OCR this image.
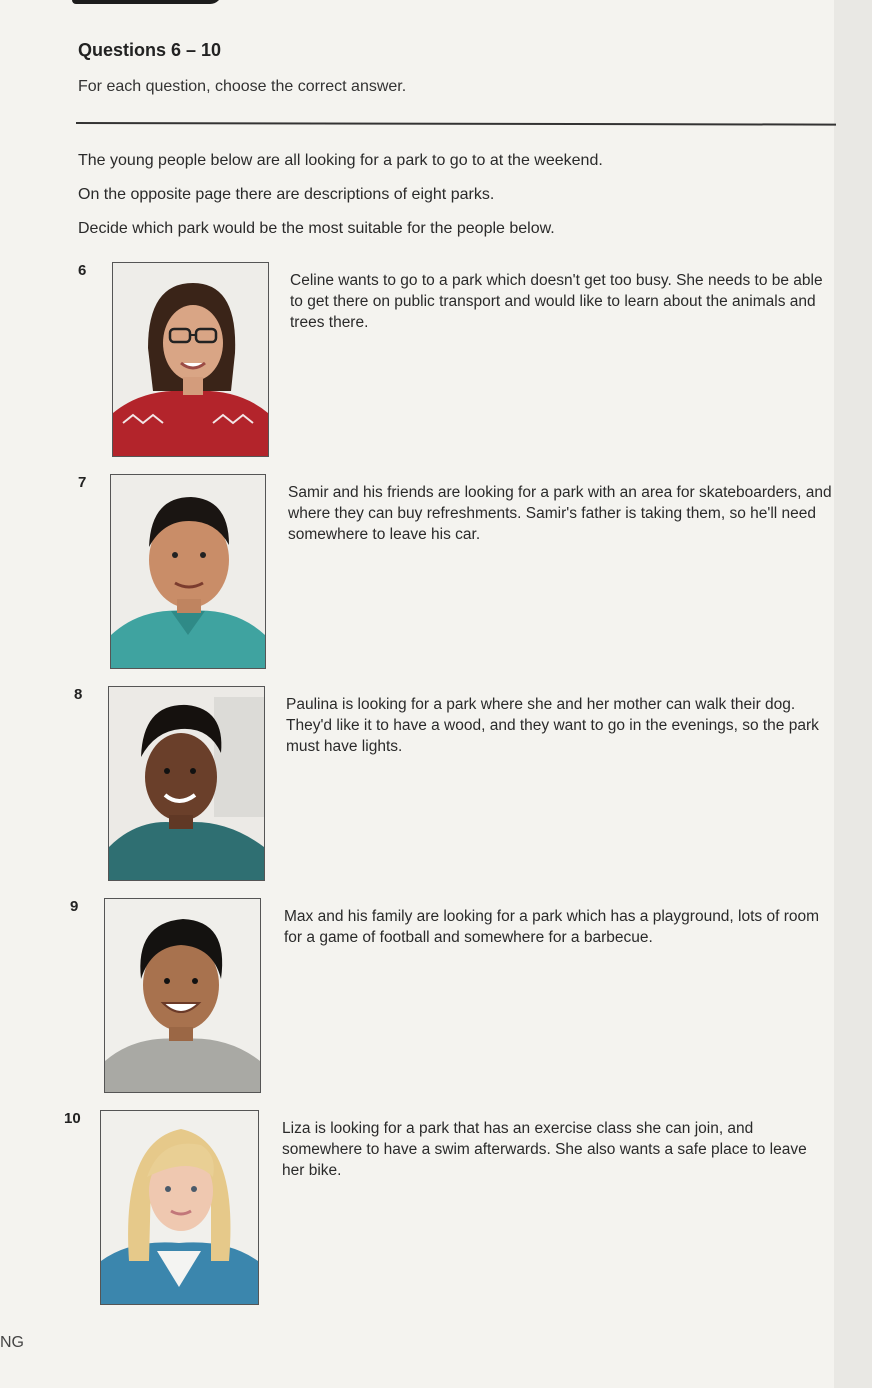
Questions 6 – 10
For each question, choose the correct answer.
The young people below are all looking for a park to go to at the weekend.
On the opposite page there are descriptions of eight parks.
Decide which park would be the most suitable for the people below.
6
Celine wants to go to a park which doesn't get too busy. She needs to be able to get there on public transport and would like to learn about the animals and trees there.
7
Samir and his friends are looking for a park with an area for skateboarders, and where they can buy refreshments. Samir's father is taking them, so he'll need somewhere to leave his car.
8
Paulina is looking for a park where she and her mother can walk their dog. They'd like it to have a wood, and they want to go in the evenings, so the park must have lights.
9
Max and his family are looking for a park which has a playground, lots of room for a game of football and somewhere for a barbecue.
10
Liza is looking for a park that has an exercise class she can join, and somewhere to have a swim afterwards. She also wants a safe place to leave her bike.
NG
